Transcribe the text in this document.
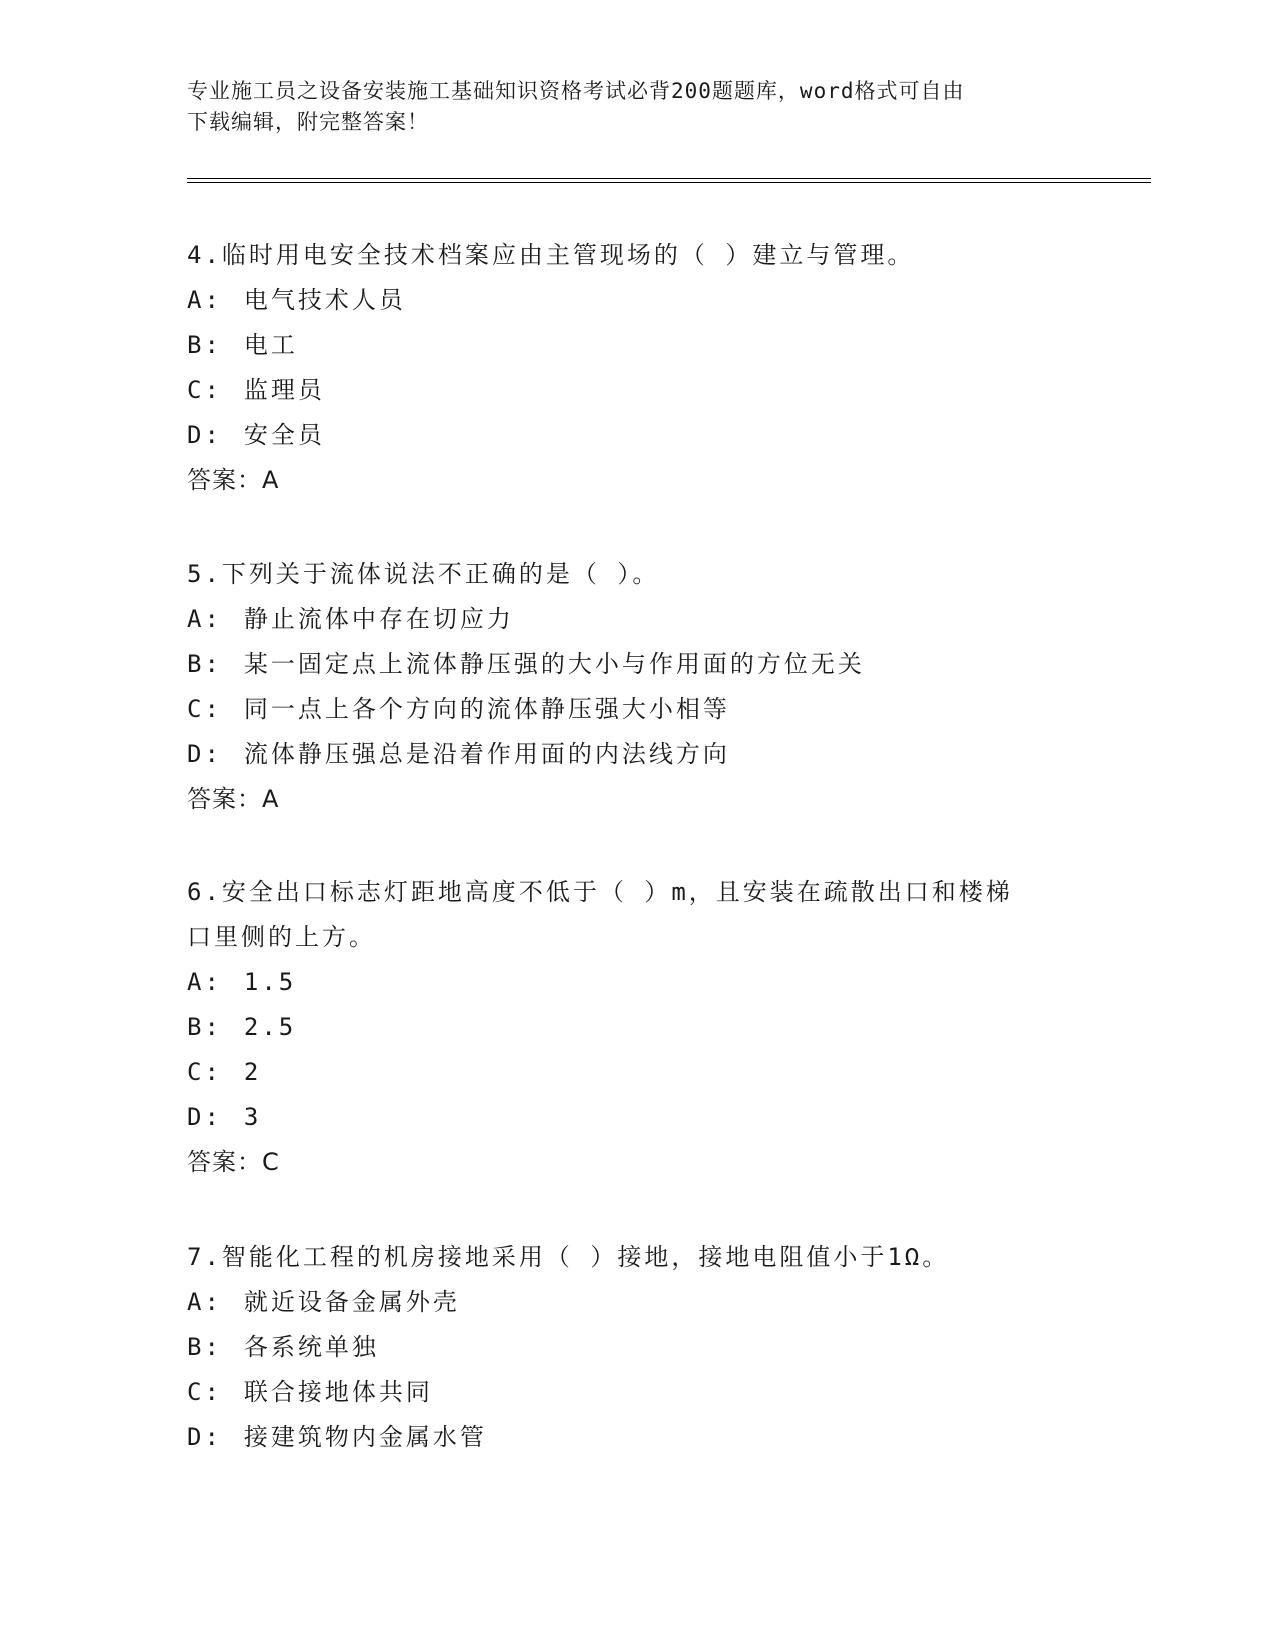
专业施工员之设备安装施工基础知识资格考试必背200题题库，word格式可自由
下载编辑，附完整答案！

4.临时用电安全技术档案应由主管现场的（ ）建立与管理。

A: 电气技术人员

B: 电工

C: 监理员

D: 安全员

答案：A

5.下列关于流体说法不正确的是（ ）。

A: 静止流体中存在切应力

B: 某一固定点上流体静压强的大小与作用面的方位无关

C: 同一点上各个方向的流体静压强大小相等

D: 流体静压强总是沿着作用面的内法线方向

答案：A

6.安全出口标志灯距地高度不低于（ ）m，且安装在疏散出口和楼梯

口里侧的上方。

A: 1.5

B: 2.5

C: 2

D: 3

答案：C

7.智能化工程的机房接地采用（ ）接地，接地电阻值小于1Ω。

A: 就近设备金属外壳

B: 各系统单独

C: 联合接地体共同

D: 接建筑物内金属水管
